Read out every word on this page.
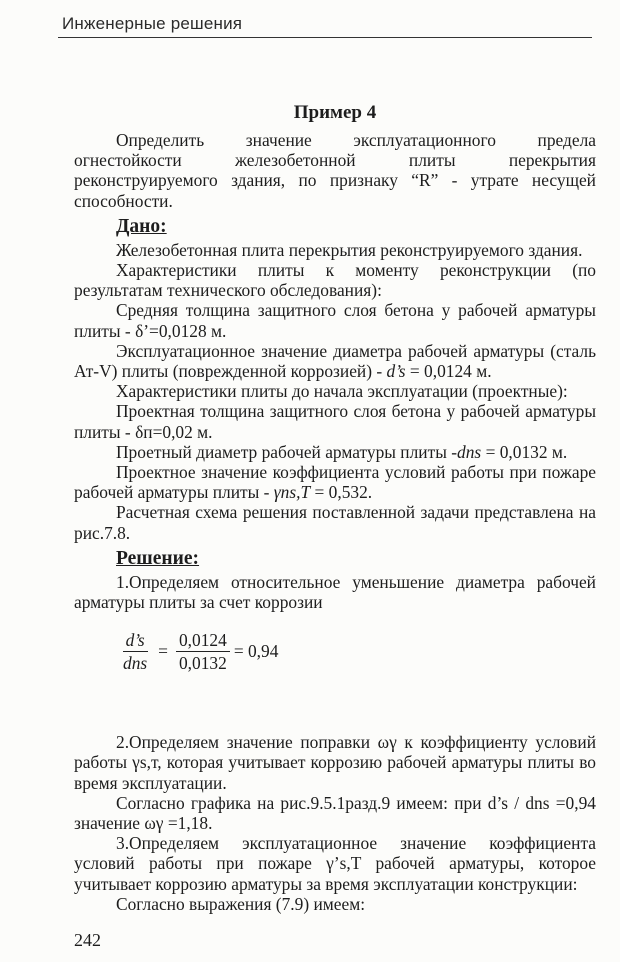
Инженерные решения
Пример 4

Определить значение эксплуатационного предела огнестойкости железобетонной плиты перекрытия реконструируемого здания, по признаку “R” - утрате несущей способности.

Дано:

Железобетонная плита перекрытия реконструируемого здания.

Характеристики плиты к моменту реконструкции (по результатам технического обследования):

Средняя толщина защитного слоя бетона у рабочей арматуры плиты - δ’=0,0128 м.

Эксплуатационное значение диаметра рабочей арматуры (сталь Ат-V) плиты (поврежденной коррозией) - d’s = 0,0124 м.

Характеристики плиты до начала эксплуатации (проектные):

Проектная толщина защитного слоя бетона у рабочей арматуры плиты - δп=0,02 м.

Проетный диаметр рабочей арматуры плиты -dns = 0,0132 м.

Проектное значение коэффициента условий работы при пожаре рабочей арматуры плиты - γns,T = 0,532.

Расчетная схема решения поставленной задачи представлена на рис.7.8.

Решение:

1.Определяем относительное уменьшение диаметра рабочей арматуры плиты за счет коррозии

$\frac{d’s}{\text{dns}} = \frac{0,0124}{0,0132} = 0,94$

2.Определяем значение поправки ωγ к коэффициенту условий работы γs,т, которая учитывает коррозию рабочей арматуры плиты во время эксплуатации.

Согласно графика на рис.9.5.1разд.9 имеем: при d’s / dns =0,94 значение ωγ =1,18.

3.Определяем эксплуатационное значение коэффициента условий работы при пожаре γ’s,T рабочей арматуры, которое учитывает коррозию арматуры за время эксплуатации конструкции:

Согласно выражения (7.9) имеем:

242
